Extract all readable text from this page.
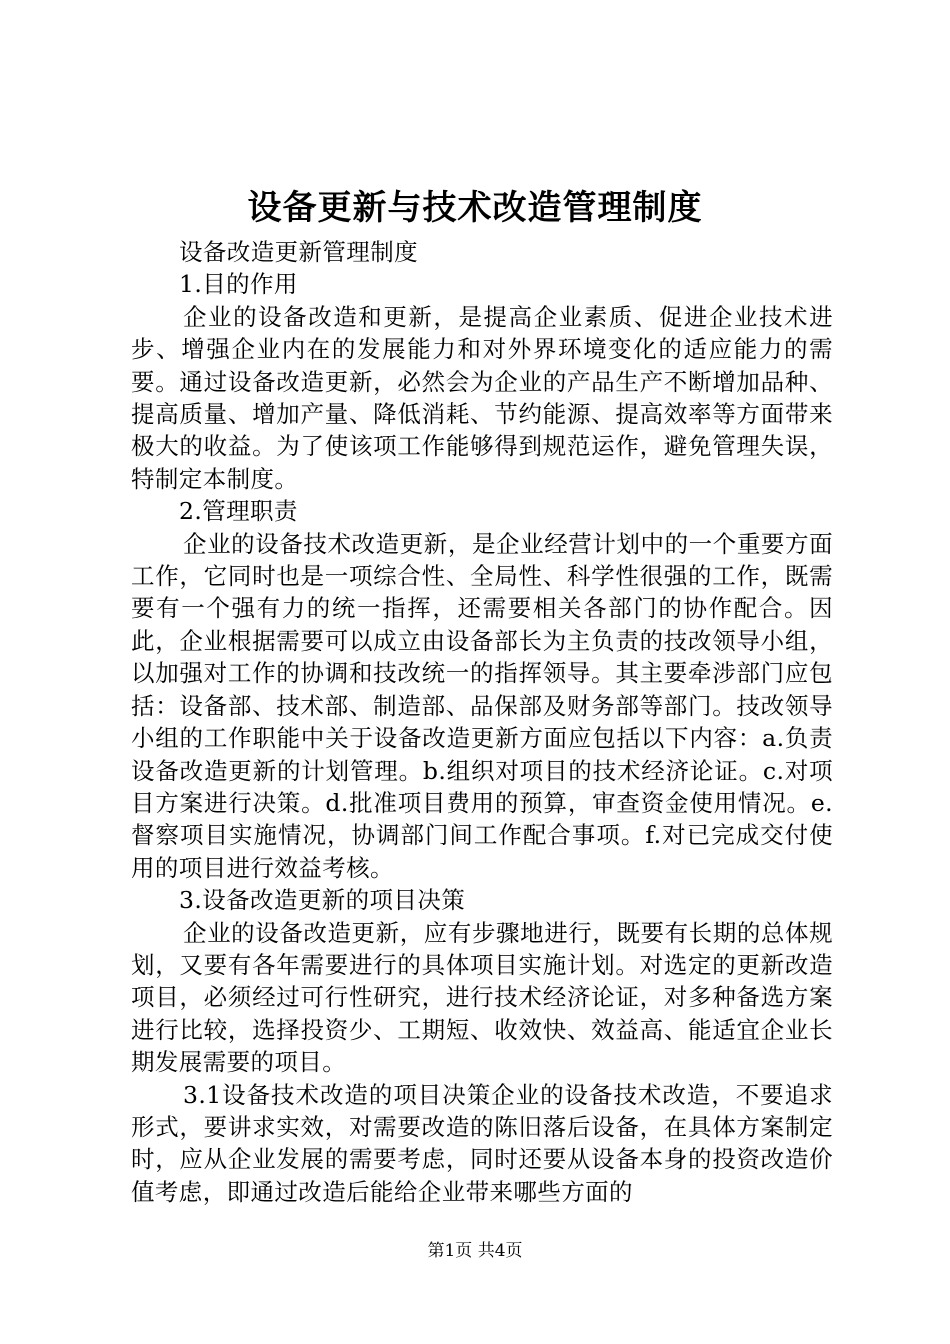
设备更新与技术改造管理制度

设备改造更新管理制度

1.目的作用

企业的设备改造和更新，是提高企业素质、促进企业技术进步、增强企业内在的发展能力和对外界环境变化的适应能力的需要。通过设备改造更新，必然会为企业的产品生产不断增加品种、提高质量、增加产量、降低消耗、节约能源、提高效率等方面带来极大的收益。为了使该项工作能够得到规范运作，避免管理失误，特制定本制度。

2.管理职责

企业的设备技术改造更新，是企业经营计划中的一个重要方面工作，它同时也是一项综合性、全局性、科学性很强的工作，既需要有一个强有力的统一指挥，还需要相关各部门的协作配合。因此，企业根据需要可以成立由设备部长为主负责的技改领导小组，以加强对工作的协调和技改统一的指挥领导。其主要牵涉部门应包括：设备部、技术部、制造部、品保部及财务部等部门。技改领导小组的工作职能中关于设备改造更新方面应包括以下内容：a.负责设备改造更新的计划管理。b.组织对项目的技术经济论证。c.对项目方案进行决策。d.批准项目费用的预算，审查资金使用情况。e.督察项目实施情况，协调部门间工作配合事项。f.对已完成交付使用的项目进行效益考核。

3.设备改造更新的项目决策

企业的设备改造更新，应有步骤地进行，既要有长期的总体规划，又要有各年需要进行的具体项目实施计划。对选定的更新改造项目，必须经过可行性研究，进行技术经济论证，对多种备选方案进行比较，选择投资少、工期短、收效快、效益高、能适宜企业长期发展需要的项目。

3.1设备技术改造的项目决策企业的设备技术改造，不要追求形式，要讲求实效，对需要改造的陈旧落后设备，在具体方案制定时，应从企业发展的需要考虑，同时还要从设备本身的投资改造价值考虑，即通过改造后能给企业带来哪些方面的

第1页 共4页
